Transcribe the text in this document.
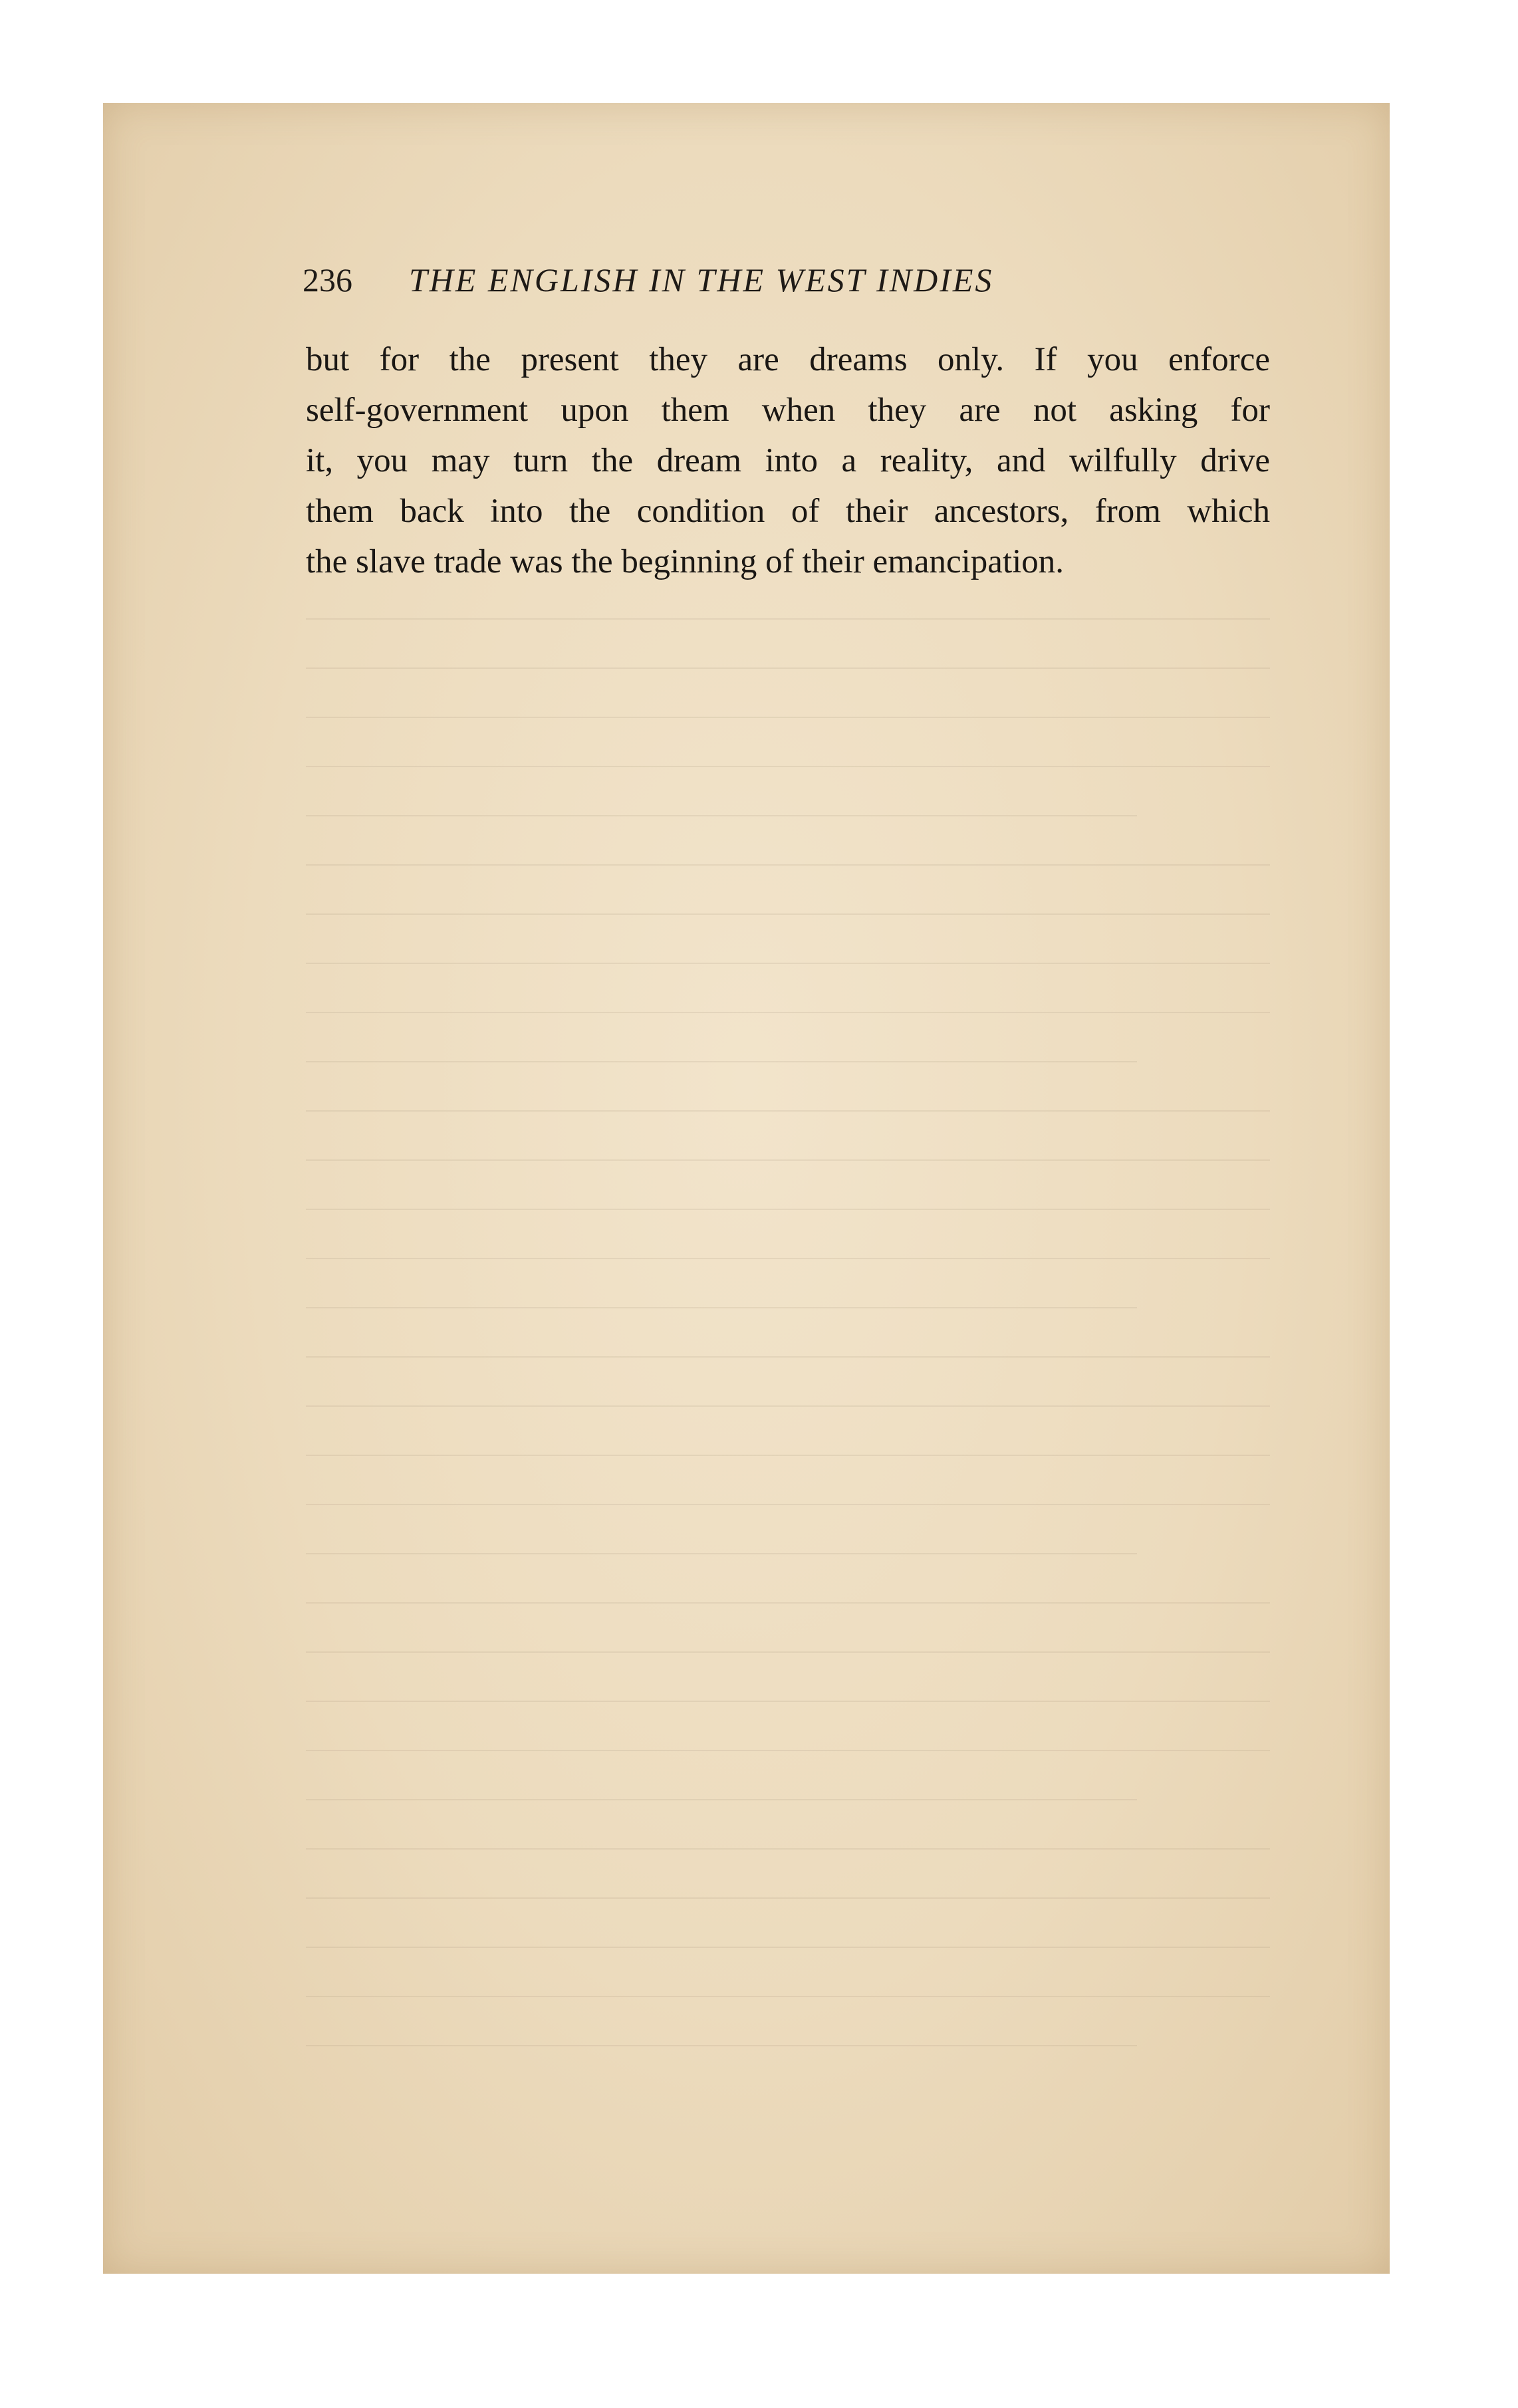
236 THE ENGLISH IN THE WEST INDIES
but for the present they are dreams only. If you enforce
self-government upon them when they are not asking for
it, you may turn the dream into a reality, and wilfully drive
them back into the condition of their ancestors, from which
the slave trade was the beginning of their emancipation.
